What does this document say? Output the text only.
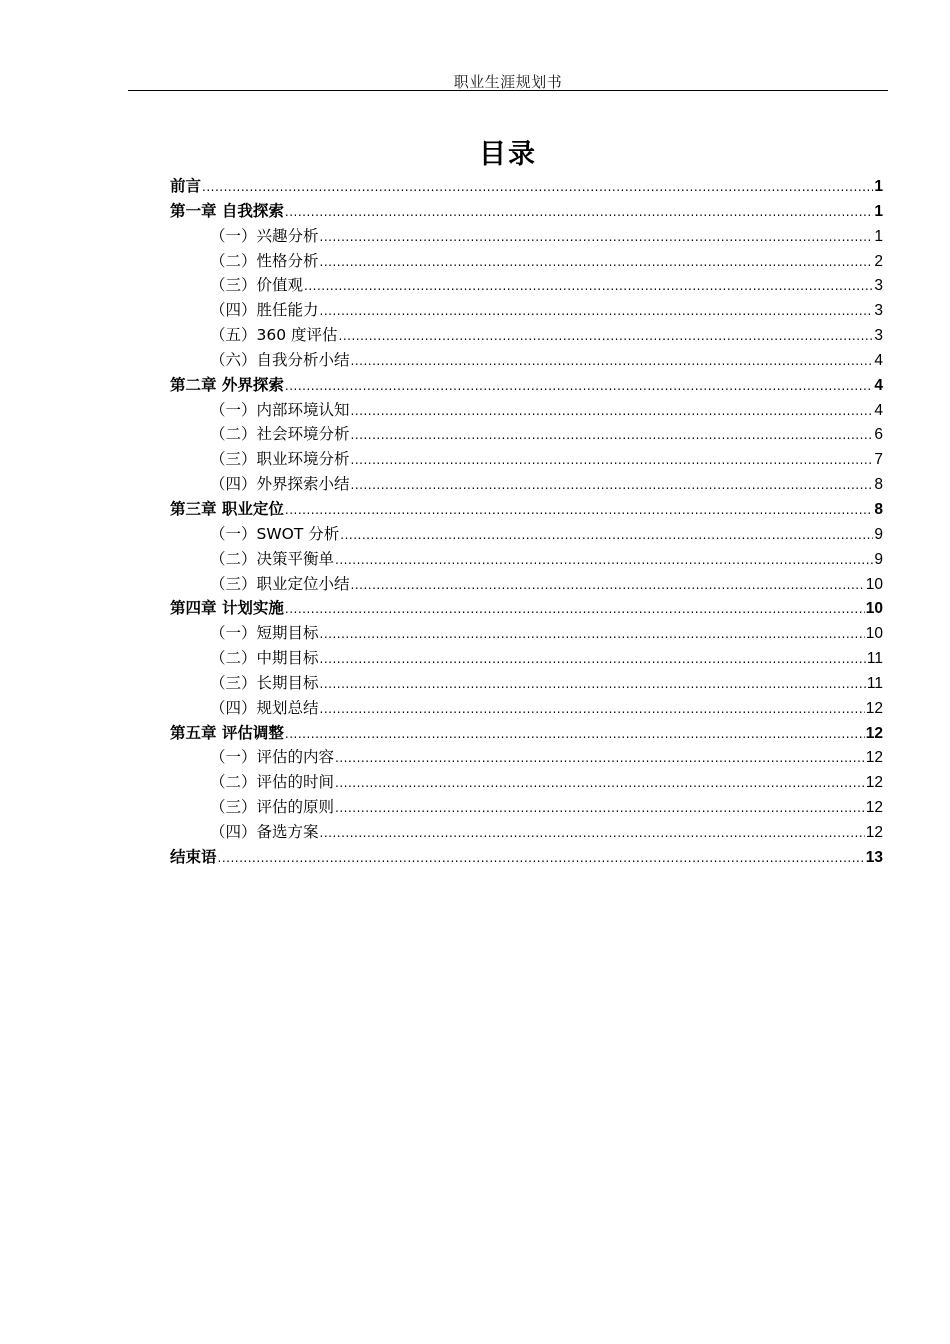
职业生涯规划书
目录
前言 .....	1
第一章 自我探索 .....	1
（一）兴趣分析 .....	1
（二）性格分析 .....	2
（三）价值观 .....	3
（四）胜任能力 .....	3
（五）360 度评估 .....	3
（六）自我分析小结 .....	4
第二章 外界探索 .....	4
（一）内部环境认知 .....	4
（二）社会环境分析 .....	6
（三）职业环境分析 .....	7
（四）外界探索小结 .....	8
第三章 职业定位 .....	8
（一）SWOT 分析 .....	9
（二）决策平衡单 .....	9
（三）职业定位小结 .....	10
第四章 计划实施 .....	10
（一）短期目标 .....	10
（二）中期目标 .....	11
（三）长期目标 .....	11
（四）规划总结 .....	12
第五章 评估调整 .....	12
（一）评估的内容 .....	12
（二）评估的时间 .....	12
（三）评估的原则 .....	12
（四）备选方案 .....	12
结束语 .....	13
